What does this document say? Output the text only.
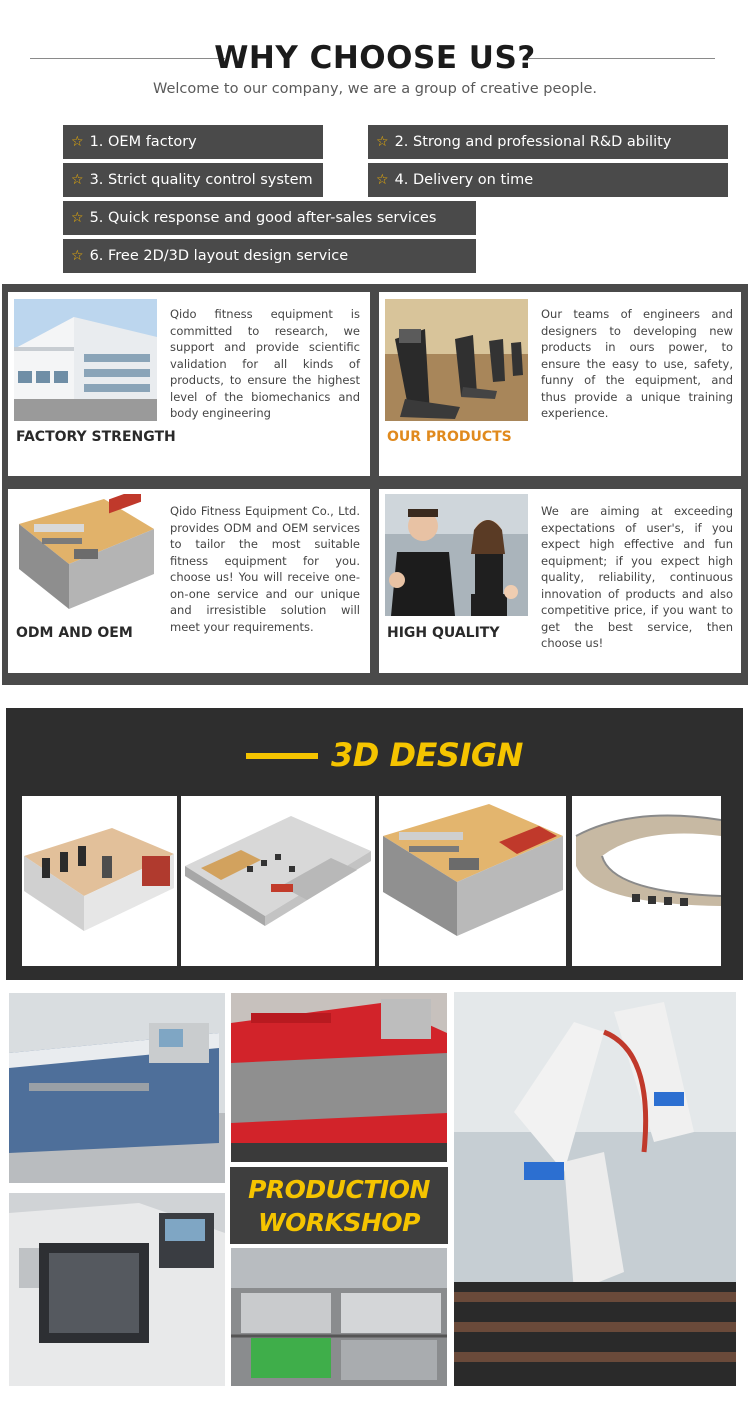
WHY CHOOSE US?
Welcome to our company, we are a group of creative people.
☆ 1. OEM factory	☆ 2. Strong and professional R&D ability
☆ 3. Strict quality control system	☆ 4. Delivery on time
☆ 5. Quick response and good after-sales services
☆ 6. Free 2D/3D layout design service
FACTORY STRENGTH
Qido fitness equipment is committed to research, we support and provide scientific validation for all kinds of products, to ensure the highest level of the biomechanics and body engineering
OUR PRODUCTS
Our teams of engineers and designers to developing new products in ours power, to ensure the easy to use, safety, funny of the equipment, and thus provide a unique training experience.
ODM AND OEM
Qido Fitness Equipment Co., Ltd. provides ODM and OEM services to tailor the most suitable fitness equipment for you. choose us! You will receive one-on-one service and our unique and irresistible solution will meet your requirements.	HIGH QUALITY
We are aiming at exceeding expectations of user's, if you expect high effective and fun equipment; if you expect high quality, reliability, continuous innovation of products and also competitive price, if you want to get the best service, then choose us!
3D DESIGN
PRODUCTION
WORKSHOP
